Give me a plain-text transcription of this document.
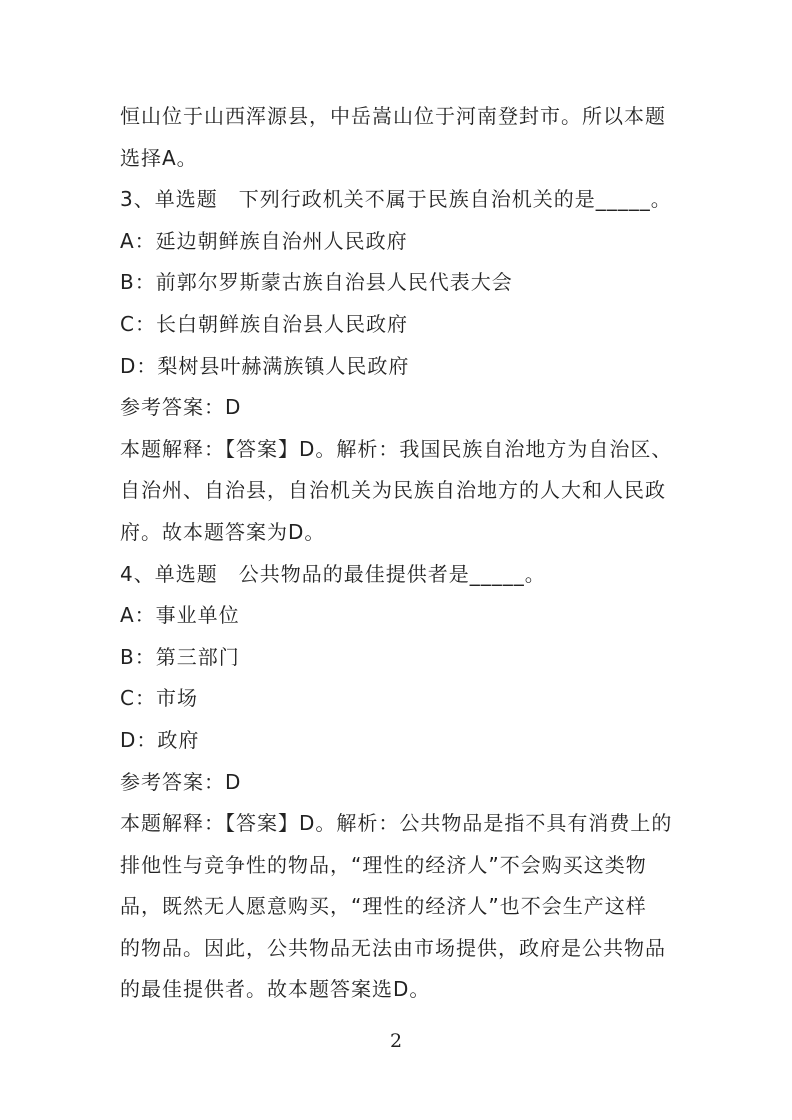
恒山位于山西浑源县，中岳嵩山位于河南登封市。所以本题
选择A。
3、单选题　下列行政机关不属于民族自治机关的是_____。
A：延边朝鲜族自治州人民政府
B：前郭尔罗斯蒙古族自治县人民代表大会
C：长白朝鲜族自治县人民政府
D：梨树县叶赫满族镇人民政府
参考答案：D
本题解释：【答案】D。解析：我国民族自治地方为自治区、
自治州、自治县，自治机关为民族自治地方的人大和人民政
府。故本题答案为D。
4、单选题　公共物品的最佳提供者是_____。
A：事业单位
B：第三部门
C：市场
D：政府
参考答案：D
本题解释：【答案】D。解析：公共物品是指不具有消费上的
排他性与竞争性的物品，“理性的经济人”不会购买这类物
品，既然无人愿意购买，“理性的经济人”也不会生产这样
的物品。因此，公共物品无法由市场提供，政府是公共物品
的最佳提供者。故本题答案选D。
2
